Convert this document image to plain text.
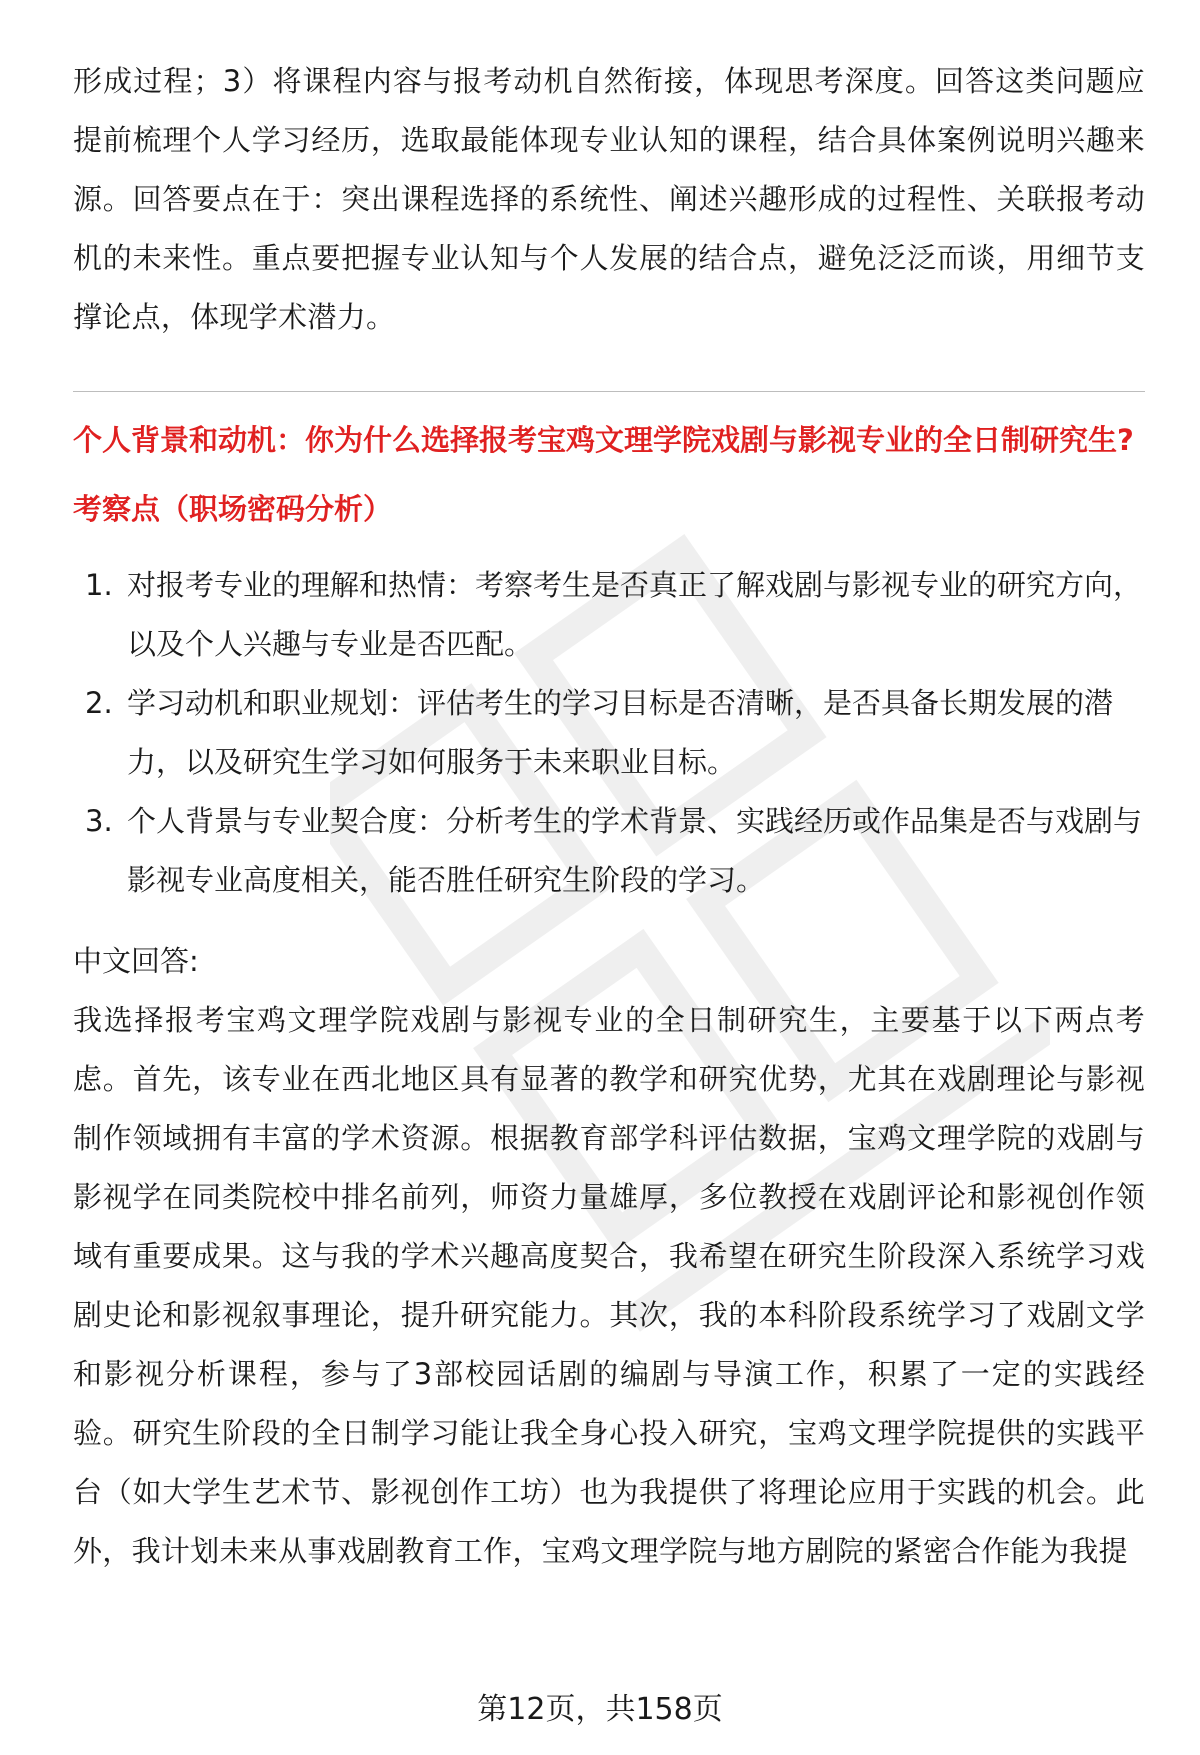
形成过程；3）将课程内容与报考动机自然衔接，体现思考深度。回答这类问题应提前梳理个人学习经历，选取最能体现专业认知的课程，结合具体案例说明兴趣来源。回答要点在于：突出课程选择的系统性、阐述兴趣形成的过程性、关联报考动机的未来性。重点要把握专业认知与个人发展的结合点，避免泛泛而谈，用细节支撑论点，体现学术潜力。

个人背景和动机：你为什么选择报考宝鸡文理学院戏剧与影视专业的全日制研究生?
考察点（职场密码分析）
1. 对报考专业的理解和热情：考察考生是否真正了解戏剧与影视专业的研究方向，以及个人兴趣与专业是否匹配。
2. 学习动机和职业规划：评估考生的学习目标是否清晰，是否具备长期发展的潜力，以及研究生学习如何服务于未来职业目标。
3. 个人背景与专业契合度：分析考生的学术背景、实践经历或作品集是否与戏剧与影视专业高度相关，能否胜任研究生阶段的学习。
中文回答:

我选择报考宝鸡文理学院戏剧与影视专业的全日制研究生，主要基于以下两点考虑。首先，该专业在西北地区具有显著的教学和研究优势，尤其在戏剧理论与影视制作领域拥有丰富的学术资源。根据教育部学科评估数据，宝鸡文理学院的戏剧与影视学在同类院校中排名前列，师资力量雄厚，多位教授在戏剧评论和影视创作领域有重要成果。这与我的学术兴趣高度契合，我希望在研究生阶段深入系统学习戏剧史论和影视叙事理论，提升研究能力。其次，我的本科阶段系统学习了戏剧文学和影视分析课程，参与了3部校园话剧的编剧与导演工作，积累了一定的实践经验。研究生阶段的全日制学习能让我全身心投入研究，宝鸡文理学院提供的实践平台（如大学生艺术节、影视创作工坊）也为我提供了将理论应用于实践的机会。此外，我计划未来从事戏剧教育工作，宝鸡文理学院与地方剧院的紧密合作能为我提

第12页，共158页
